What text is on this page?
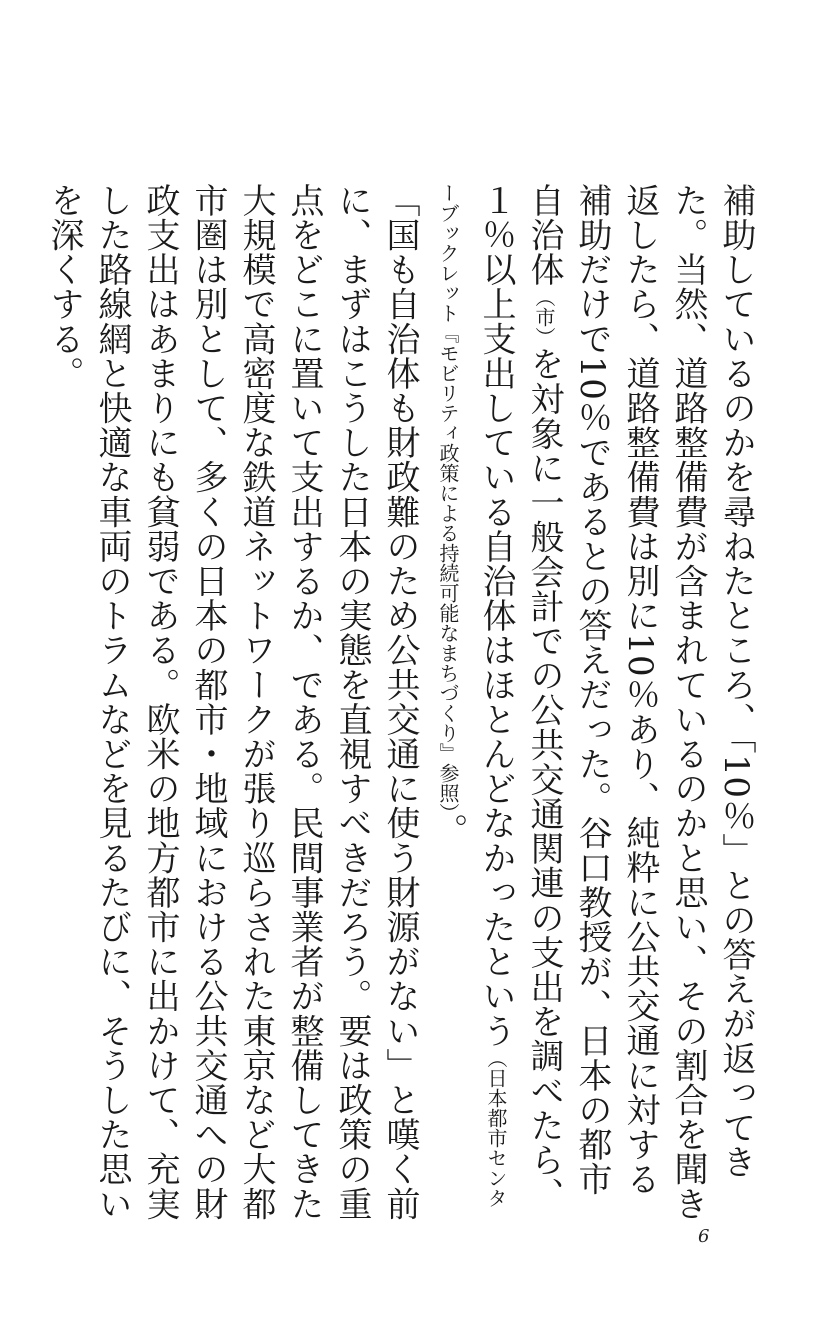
補助しているのかを尋ねたところ、「10％」との答えが返ってきた。当然、道路整備費が含まれているのかと思い、その割合を聞き返したら、道路整備費は別に10％あり、純粋に公共交通に対する補助だけで10％であるとの答えだった。谷口教授が、日本の都市自治体（市）を対象に一般会計での公共交通関連の支出を調べたら、１％以上支出している自治体はほとんどなかったという（日本都市センターブックレット『モビリティ政策による持続可能なまちづくり』参照）。

「国も自治体も財政難のため公共交通に使う財源がない」と嘆く前に、まずはこうした日本の実態を直視すべきだろう。要は政策の重点をどこに置いて支出するか、である。民間事業者が整備してきた大規模で高密度な鉄道ネットワークが張り巡らされた東京など大都市圏は別として、多くの日本の都市・地域における公共交通への財政支出はあまりにも貧弱である。欧米の地方都市に出かけて、充実した路線網と快適な車両のトラムなどを見るたびに、そうした思いを深くする。

6
